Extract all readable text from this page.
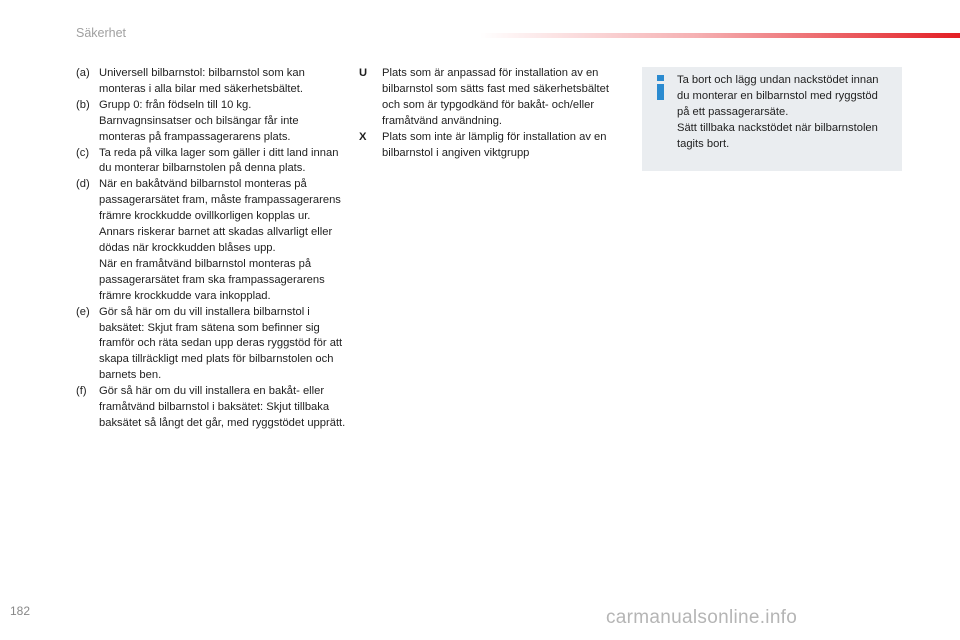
Säkerhet
(a) Universell bilbarnstol: bilbarnstol som kan monteras i alla bilar med säkerhetsbältet.
(b) Grupp 0: från födseln till 10 kg. Barnvagnsinsatser och bilsängar får inte monteras på frampassagerarens plats.
(c) Ta reda på vilka lager som gäller i ditt land innan du monterar bilbarnstolen på denna plats.
(d) När en bakåtvänd bilbarnstol monteras på passagerarsätet fram, måste frampassagerarens främre krockkudde ovillkorligen kopplas ur. Annars riskerar barnet att skadas allvarligt eller dödas när krockkudden blåses upp.
När en framåtvänd bilbarnstol monteras på passagerarsätet fram ska frampassagerarens främre krockkudde vara inkopplad.
(e) Gör så här om du vill installera bilbarnstol i baksätet: Skjut fram sätena som befinner sig framför och räta sedan upp deras ryggstöd för att skapa tillräckligt med plats för bilbarnstolen och barnets ben.
(f)	Gör så här om du vill installera en bakåt- eller framåtvänd bilbarnstol i baksätet: Skjut tillbaka baksätet så långt det går, med ryggstödet upprätt.
U	Plats som är anpassad för installation av en bilbarnstol som sätts fast med säkerhetsbältet och som är typgodkänd för bakåt- och/eller framåtvänd användning.
X	Plats som inte är lämplig för installation av en bilbarnstol i angiven viktgrupp
Ta bort och lägg undan nackstödet innan du monterar en bilbarnstol med ryggstöd på ett passagerarsäte.
Sätt tillbaka nackstödet när bilbarnstolen tagits bort.
182	carmanualsonline.info
